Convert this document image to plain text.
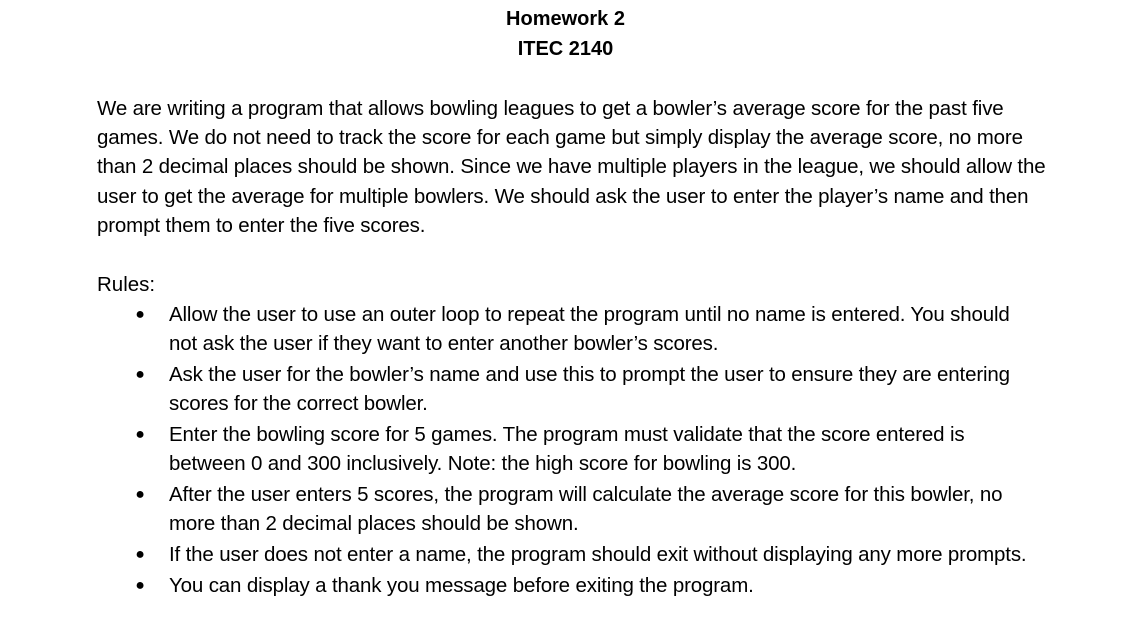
Homework 2
ITEC 2140
We are writing a program that allows bowling leagues to get a bowler’s average score for the past five games. We do not need to track the score for each game but simply display the average score, no more than 2 decimal places should be shown. Since we have multiple players in the league, we should allow the user to get the average for multiple bowlers. We should ask the user to enter the player’s name and then prompt them to enter the five scores.
Rules:
● Allow the user to use an outer loop to repeat the program until no name is entered. You should not ask the user if they want to enter another bowler’s scores.
● Ask the user for the bowler’s name and use this to prompt the user to ensure they are entering scores for the correct bowler.
● Enter the bowling score for 5 games. The program must validate that the score entered is between 0 and 300 inclusively. Note: the high score for bowling is 300.
● After the user enters 5 scores, the program will calculate the average score for this bowler, no more than 2 decimal places should be shown.
● If the user does not enter a name, the program should exit without displaying any more prompts.
● You can display a thank you message before exiting the program.
